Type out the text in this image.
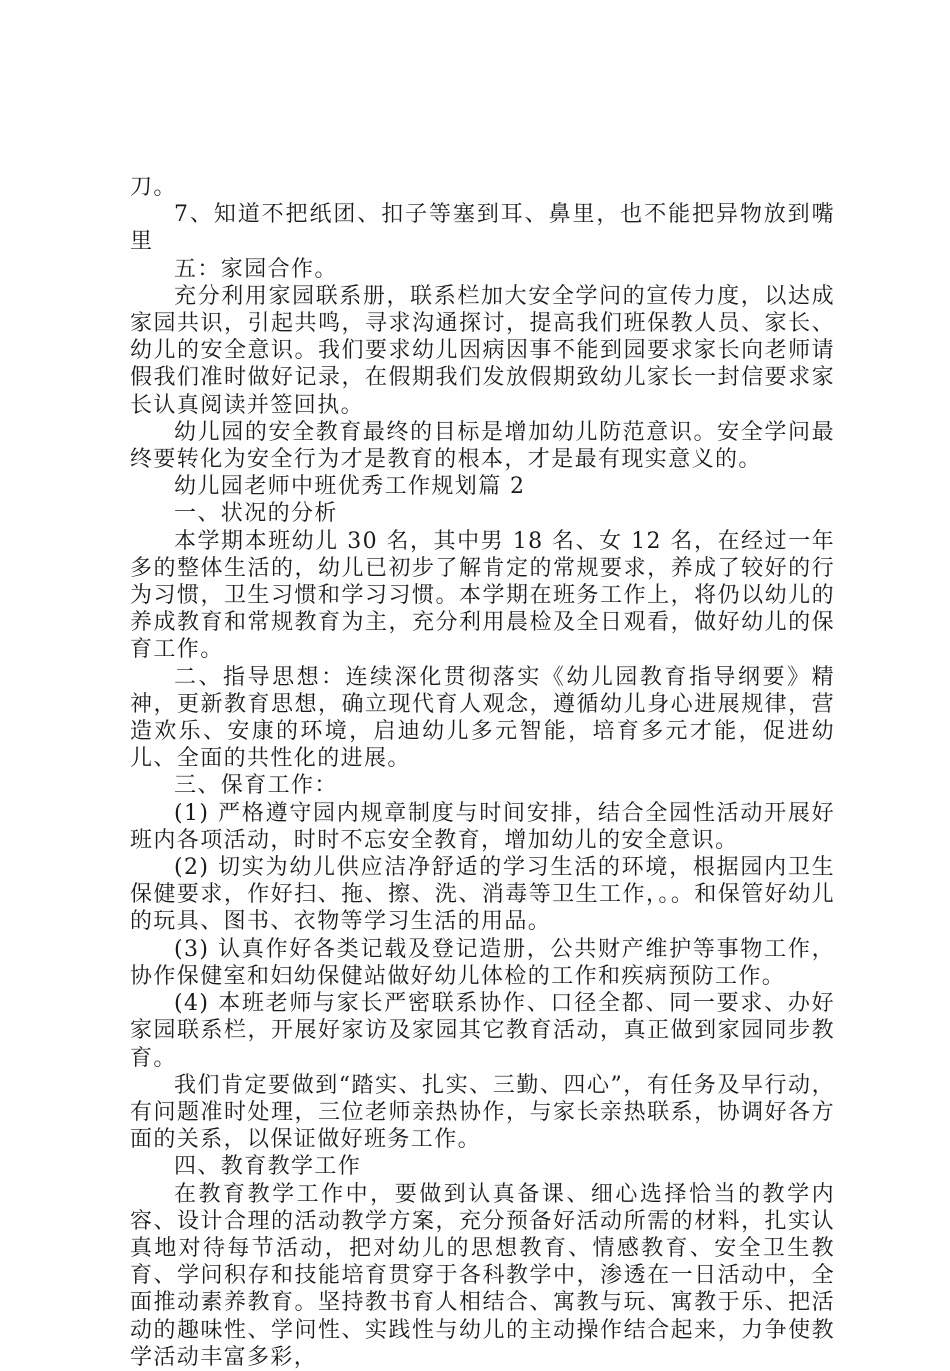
刀。

7、知道不把纸团、扣子等塞到耳、鼻里，也不能把异物放到嘴里

五：家园合作。

充分利用家园联系册，联系栏加大安全学问的宣传力度，以达成家园共识，引起共鸣，寻求沟通探讨，提高我们班保教人员、家长、幼儿的安全意识。我们要求幼儿因病因事不能到园要求家长向老师请假我们准时做好记录，在假期我们发放假期致幼儿家长一封信要求家长认真阅读并签回执。

幼儿园的安全教育最终的目标是增加幼儿防范意识。安全学问最终要转化为安全行为才是教育的根本，才是最有现实意义的。

幼儿园老师中班优秀工作规划篇 2

一、状况的分析

本学期本班幼儿 30 名，其中男 18 名、女 12 名，在经过一年多的整体生活的，幼儿已初步了解肯定的常规要求，养成了较好的行为习惯，卫生习惯和学习习惯。本学期在班务工作上，将仍以幼儿的养成教育和常规教育为主，充分利用晨检及全日观看，做好幼儿的保育工作。

二、指导思想：连续深化贯彻落实《幼儿园教育指导纲要》精神，更新教育思想，确立现代育人观念，遵循幼儿身心进展规律，营造欢乐、安康的环境，启迪幼儿多元智能，培育多元才能，促进幼儿、全面的共性化的进展。

三、保育工作：

(1) 严格遵守园内规章制度与时间安排，结合全园性活动开展好班内各项活动，时时不忘安全教育，增加幼儿的安全意识。

(2) 切实为幼儿供应洁净舒适的学习生活的环境，根据园内卫生保健要求，作好扫、拖、擦、洗、消毒等卫生工作，。。和保管好幼儿的玩具、图书、衣物等学习生活的用品。

(3) 认真作好各类记载及登记造册，公共财产维护等事物工作，协作保健室和妇幼保健站做好幼儿体检的工作和疾病预防工作。

(4) 本班老师与家长严密联系协作、口径全都、同一要求、办好家园联系栏，开展好家访及家园其它教育活动，真正做到家园同步教育。

我们肯定要做到“踏实、扎实、三勤、四心”，有任务及早行动，有问题准时处理，三位老师亲热协作，与家长亲热联系，协调好各方面的关系，以保证做好班务工作。

四、教育教学工作

在教育教学工作中，要做到认真备课、细心选择恰当的教学内容、设计合理的活动教学方案，充分预备好活动所需的材料，扎实认真地对待每节活动，把对幼儿的思想教育、情感教育、安全卫生教育、学问积存和技能培育贯穿于各科教学中，渗透在一日活动中，全面推动素养教育。坚持教书育人相结合、寓教与玩、寓教于乐、把活动的趣味性、学问性、实践性与幼儿的主动操作结合起来，力争使教学活动丰富多彩，
